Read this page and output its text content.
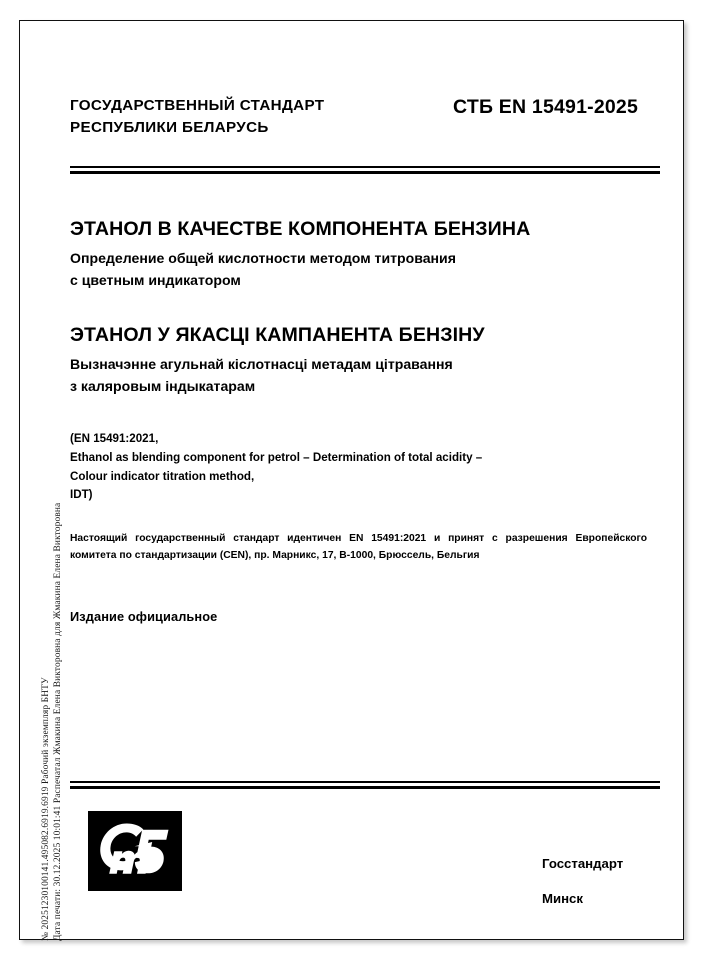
№ 20251230100141.495082.6919.6919 Рабочий экземпляр БНТУ Дата печати: 30.12.2025 10:01:41 Распечатал Жмакина Елена Викторовна для Жмакина Елена Викторовна
ГОСУДАРСТВЕННЫЙ СТАНДАРТ
РЕСПУБЛИКИ БЕЛАРУСЬ
СТБ EN 15491-2025
ЭТАНОЛ В КАЧЕСТВЕ КОМПОНЕНТА БЕНЗИНА
Определение общей кислотности методом титрования
с цветным индикатором
ЭТАНОЛ У ЯКАСЦІ КАМПАНЕНТА БЕНЗІНУ
Вызначэнне агульнай кіслотнасці метадам цітравання
з каляровым індыкатарам
(EN 15491:2021,
Ethanol as blending component for petrol – Determination of total acidity –
Colour indicator titration method,
IDT)
Настоящий государственный стандарт идентичен EN 15491:2021 и принят с разрешения Европейского
комитета по стандартизации (CEN), пр. Марникс, 17, B-1000, Брюссель, Бельгия
Издание официальное
Госстандарт
Минск
